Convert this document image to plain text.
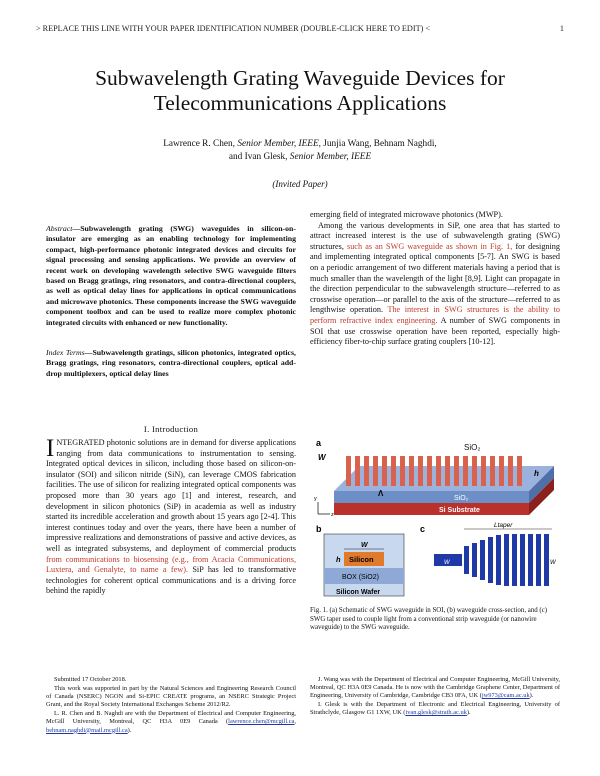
> REPLACE THIS LINE WITH YOUR PAPER IDENTIFICATION NUMBER (DOUBLE-CLICK HERE TO EDIT) <	1
Subwavelength Grating Waveguide Devices for
Telecommunications Applications
Lawrence R. Chen, Senior Member, IEEE, Junjia Wang, Behnam Naghdi,
and Ivan Glesk, Senior Member, IEEE
(Invited Paper)
Abstract—Subwavelength grating (SWG) waveguides in silicon-on-insulator are emerging as an enabling technology for implementing compact, high-performance photonic integrated devices and circuits for signal processing and sensing applications. We provide an overview of recent work on developing wavelength selective SWG waveguide filters based on Bragg gratings, ring resonators, and contra-directional couplers, as well as optical delay lines for applications in optical communications and microwave photonics. These components increase the SWG waveguide component toolbox and can be used to realize more complex photonic integrated circuits with enhanced or new functionality.
Index Terms—Subwavelength gratings, silicon photonics, integrated optics, Bragg gratings, ring resonators, contra-directional couplers, optical add-drop multiplexers, optical delay lines
I. Introduction
INTEGRATED photonic solutions are in demand for diverse applications ranging from data communications to instrumentation to sensing. Integrated optical devices in silicon, including those based on silicon-on-insulator (SOI) and silicon nitride (SiN), can leverage CMOS fabrication facilities. The use of silicon for realizing integrated optical components was proposed more than 30 years ago [1] and interest, research, and development in silicon photonics (SiP) in academia as well as industry started its incredible acceleration and growth about 15 years ago [2-4]. This interest continues today and over the years, there have been a number of impressive realizations and demonstrations of passive and active devices, as well as integrated subsystems, and deployment of commercial products from communications to biosensing (e.g., from Acacia Communications, Luxtera, and Genalyte, to name a few). SiP has led to transformative technologies for coherent optical communications and is a driving force behind the rapidly
emerging field of integrated microwave photonics (MWP).
Among the various developments in SiP, one area that has started to attract increased interest is the use of subwavelength grating (SWG) structures, such as an SWG waveguide as shown in Fig. 1, for designing and implementing integrated optical components [5-7]. An SWG is based on a periodic arrangement of two different materials having a period that is much smaller than the wavelength of the light [8,9]. Light can propagate in the direction perpendicular to the subwavelength structure—referred to as crosswise operation—or parallel to the axis of the structure—referred to as lengthwise operation. The interest in SWG structures is the ability to perform refractive index engineering. A number of SWG components in SOI that use crosswise operation have been reported, especially high-efficiency fiber-to-chip surface grating couplers [10-12].
a	SiO₂
SiO₂
Si Substrate
W
h
Λ
y
z
b
Silicon
h
W
BOX (SiO2)
Silicon Wafer
c	Ltaper
W	W
Fig. 1. (a) Schematic of SWG waveguide in SOI, (b) waveguide cross-section, and (c) SWG taper used to couple light from a conventional strip waveguide (or nanowire waveguide) to the SWG waveguide.

Submitted 17 October 2018.

This work was supported in part by the Natural Sciences and Engineering Research Council of Canada (NSERC) NGON and Si-EPIC CREATE programs, an NSERC Strategic Project Grant, and the Royal Society International Exchanges Scheme 2012/R2.

L. R. Chen and B. Naghdi are with the Department of Electrical and Computer Engineering, McGill University, Montreal, QC H3A 0E9 Canada (lawrence.chen@mcgill.ca, behnam.naghdi@mail.mcgill.ca).

J. Wang was with the Department of Electrical and Computer Engineering, McGill University, Montreal, QC H3A 0E9 Canada. He is now with the Cambridge Graphene Center, Department of Engineering, University of Cambridge, Cambridge CB3 0FA, UK (jw973@cam.ac.uk).

I. Glesk is with the Department of Electronic and Electrical Engineering, University of Strathclyde, Glasgow G1 1XW, UK (ivan.glesk@strath.ac.uk).
